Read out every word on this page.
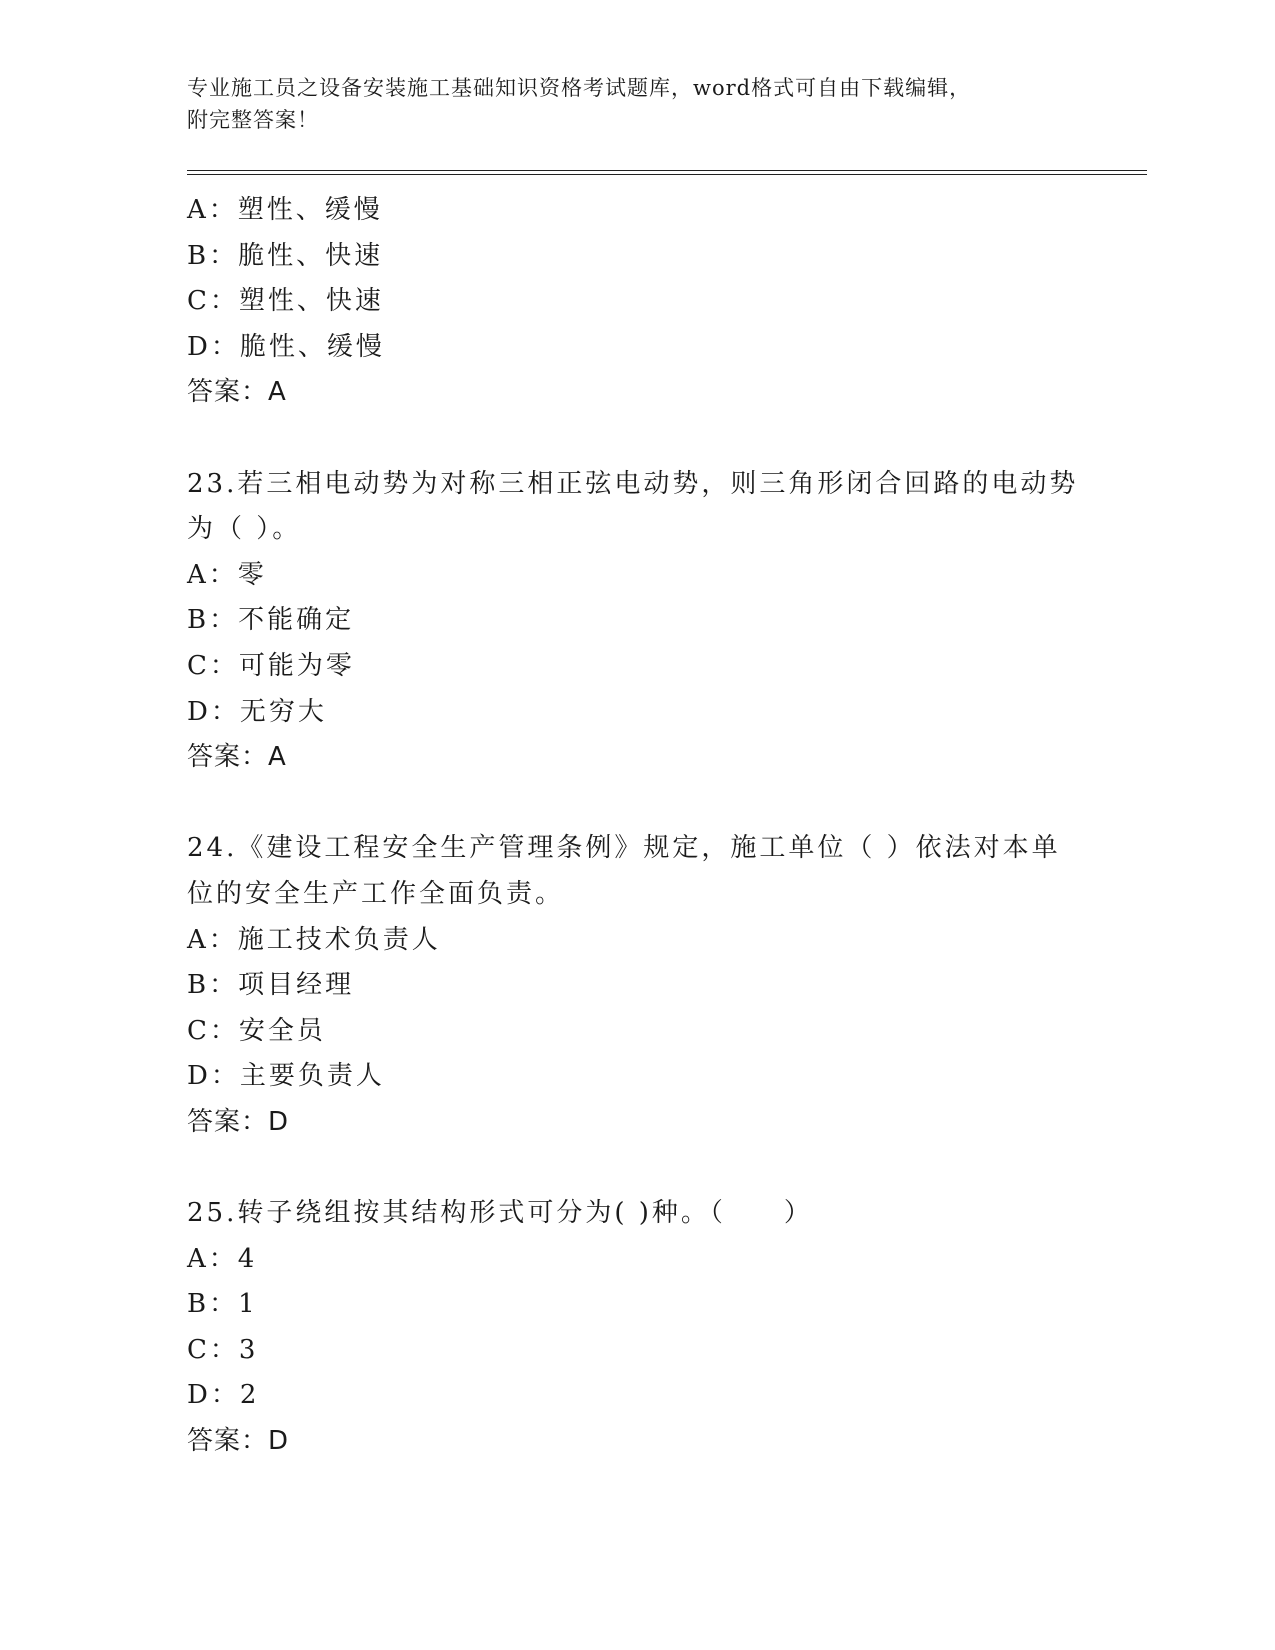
专业施工员之设备安装施工基础知识资格考试题库，word格式可自由下载编辑，

附完整答案！

A：塑性、缓慢

B：脆性、快速

C：塑性、快速

D：脆性、缓慢

答案：A

23.若三相电动势为对称三相正弦电动势，则三角形闭合回路的电动势

为（ ）。

A：零

B：不能确定

C：可能为零

D：无穷大

答案：A

24.《建设工程安全生产管理条例》规定，施工单位（ ）依法对本单

位的安全生产工作全面负责。

A：施工技术负责人

B：项目经理

C：安全员

D：主要负责人

答案：D

25.转子绕组按其结构形式可分为( )种。（　　）

A：4

B：1

C：3

D：2

答案：D
